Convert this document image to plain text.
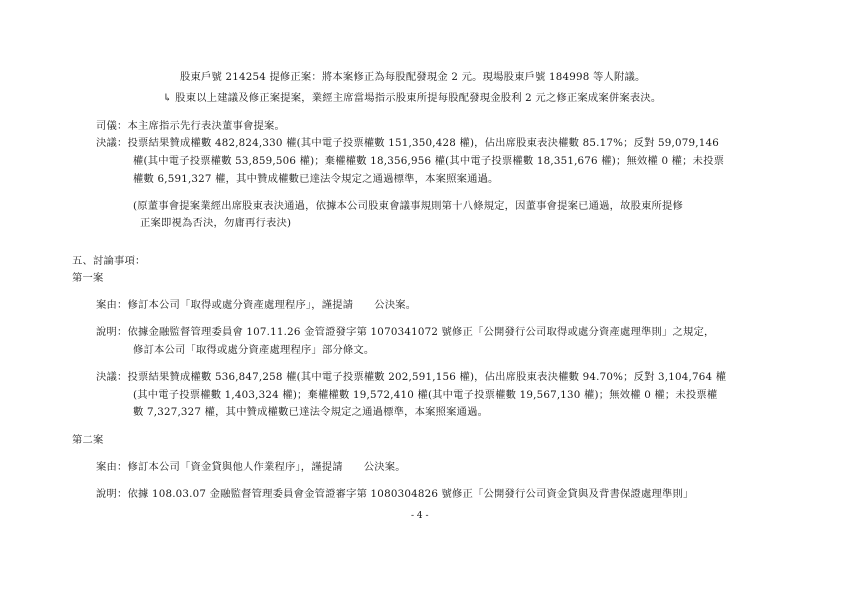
股東戶號 214254 提修正案：將本案修正為每股配發現金 2 元。現場股東戶號 184998 等人附議。
↳ 股東以上建議及修正案提案，業經主席當場指示股東所提每股配發現金股利 2 元之修正案成案併案表決。
司儀：本主席指示先行表決董事會提案。
決議：投票結果贊成權數 482,824,330 權(其中電子投票權數 151,350,428 權)，佔出席股東表決權數 85.17%；反對 59,079,146
權(其中電子投票權數 53,859,506 權)；棄權權數 18,356,956 權(其中電子投票權數 18,351,676 權)；無效權 0 權；未投票
權數 6,591,327 權，其中贊成權數已達法令規定之通過標準，本案照案通過。
(原董事會提案業經出席股東表決通過，依據本公司股東會議事規則第十八條規定，因董事會提案已通過，故股東所提修
正案即視為否決，勿庸再行表決)
五、討論事項：
第一案
案由：修訂本公司「取得或處分資產處理程序」，謹提請　　公決案。
說明：依據金融監督管理委員會 107.11.26 金管證發字第 1070341072 號修正「公開發行公司取得或處分資產處理準則」之規定，
修訂本公司「取得或處分資產處理程序」部分條文。
決議：投票結果贊成權數 536,847,258 權(其中電子投票權數 202,591,156 權)，佔出席股東表決權數 94.70%；反對 3,104,764 權
(其中電子投票權數 1,403,324 權)；棄權權數 19,572,410 權(其中電子投票權數 19,567,130 權)；無效權 0 權；未投票權
數 7,327,327 權，其中贊成權數已達法令規定之通過標準，本案照案通過。
第二案
案由：修訂本公司「資金貸與他人作業程序」，謹提請　　公決案。
說明：依據 108.03.07 金融監督管理委員會金管證審字第 1080304826 號修正「公開發行公司資金貸與及背書保證處理準則」
- 4 -
